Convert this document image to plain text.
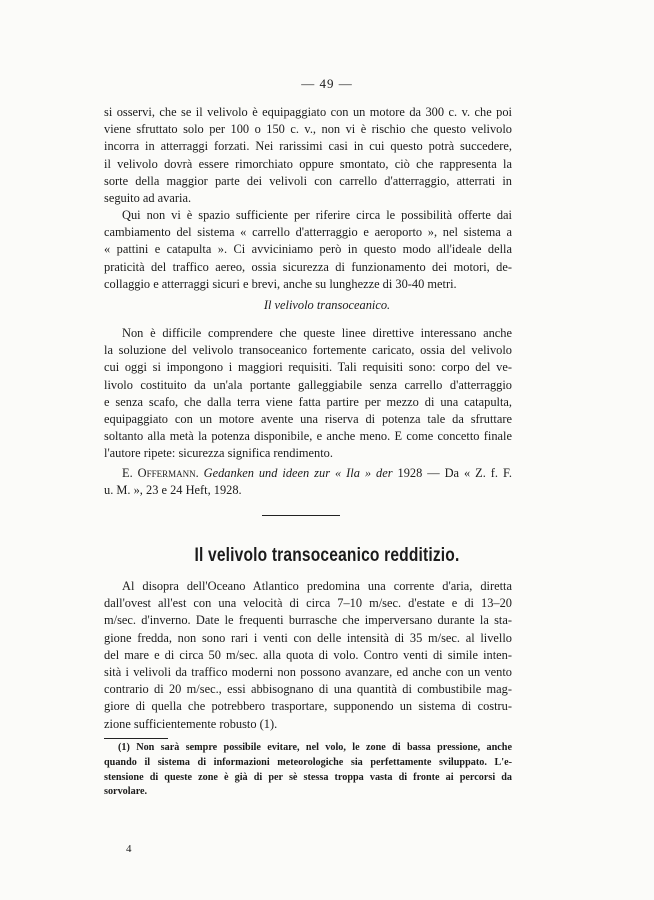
— 49 —

si osservi, che se il velivolo è equipaggiato con un motore da 300 c. v. che poi
viene sfruttato solo per 100 o 150 c. v., non vi è rischio che questo velivolo
incorra in atterraggi forzati. Nei rarissimi casi in cui questo potrà succedere,
il velivolo dovrà essere rimorchiato oppure smontato, ciò che rappresenta la
sorte della maggior parte dei velivoli con carrello d'atterraggio, atterrati in
seguito ad avaria.

Qui non vi è spazio sufficiente per riferire circa le possibilità offerte dai
cambiamento del sistema « carrello d'atterraggio e aeroporto », nel sistema a
« pattini e catapulta ». Ci avviciniamo però in questo modo all'ideale della
praticità del traffico aereo, ossia sicurezza di funzionamento dei motori, de-
collaggio e atterraggi sicuri e brevi, anche su lunghezze di 30-40 metri.

Il velivolo transoceanico.

Non è difficile comprendere che queste linee direttive interessano anche
la soluzione del velivolo transoceanico fortemente caricato, ossia del velivolo
cui oggi si impongono i maggiori requisiti. Tali requisiti sono: corpo del ve-
livolo costituito da un'ala portante galleggiabile senza carrello d'atterraggio
e senza scafo, che dalla terra viene fatta partire per mezzo di una catapulta,
equipaggiato con un motore avente una riserva di potenza tale da sfruttare
soltanto alla metà la potenza disponibile, e anche meno. E come concetto finale
l'autore ripete: sicurezza significa rendimento.

E. Offermann. Gedanken und ideen zur « Ila » der 1928 — Da « Z. f. F.
u. M. », 23 e 24 Heft, 1928.
Il velivolo transoceanico redditizio.

Al disopra dell'Oceano Atlantico predomina una corrente d'aria, diretta
dall'ovest all'est con una velocità di circa 7–10 m/sec. d'estate e di 13–20
m/sec. d'inverno. Date le frequenti burrasche che imperversano durante la sta-
gione fredda, non sono rari i venti con delle intensità di 35 m/sec. al livello
del mare e di circa 50 m/sec. alla quota di volo. Contro venti di simile inten-
sità i velivoli da traffico moderni non possono avanzare, ed anche con un vento
contrario di 20 m/sec., essi abbisognano di una quantità di combustibile mag-
giore di quella che potrebbero trasportare, supponendo un sistema di costru-
zione sufficientemente robusto (1).

(1) Non sarà sempre possibile evitare, nel volo, le zone di bassa pressione, anche
quando il sistema di informazioni meteorologiche sia perfettamente sviluppato. L'e-
stensione di queste zone è già di per sè stessa troppa vasta di fronte ai percorsi da
sorvolare.
4
